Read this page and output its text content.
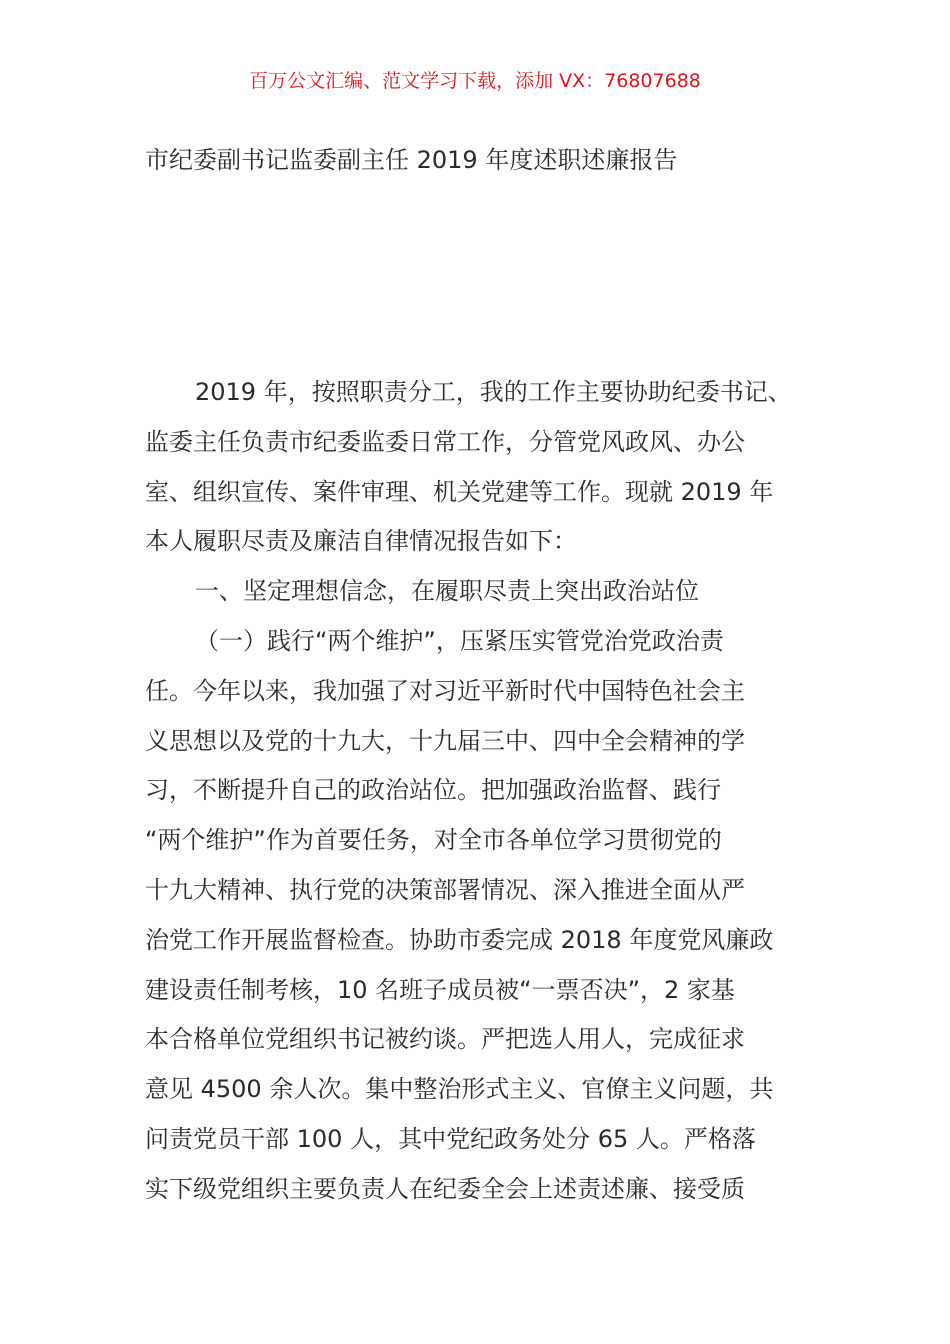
百万公文汇编、范文学习下载，添加 VX：76807688
市纪委副书记监委副主任 2019 年度述职述廉报告
2019 年，按照职责分工，我的工作主要协助纪委书记、
监委主任负责市纪委监委日常工作，分管党风政风、办公
室、组织宣传、案件审理、机关党建等工作。现就 2019 年
本人履职尽责及廉洁自律情况报告如下：
一、坚定理想信念，在履职尽责上突出政治站位
（一）践行“两个维护”，压紧压实管党治党政治责
任。今年以来，我加强了对习近平新时代中国特色社会主
义思想以及党的十九大，十九届三中、四中全会精神的学
习，不断提升自己的政治站位。把加强政治监督、践行
“两个维护”作为首要任务，对全市各单位学习贯彻党的
十九大精神、执行党的决策部署情况、深入推进全面从严
治党工作开展监督检查。协助市委完成 2018 年度党风廉政
建设责任制考核，10 名班子成员被“一票否决”，2 家基
本合格单位党组织书记被约谈。严把选人用人，完成征求
意见 4500 余人次。集中整治形式主义、官僚主义问题，共
问责党员干部 100 人，其中党纪政务处分 65 人。严格落
实下级党组织主要负责人在纪委全会上述责述廉、接受质
